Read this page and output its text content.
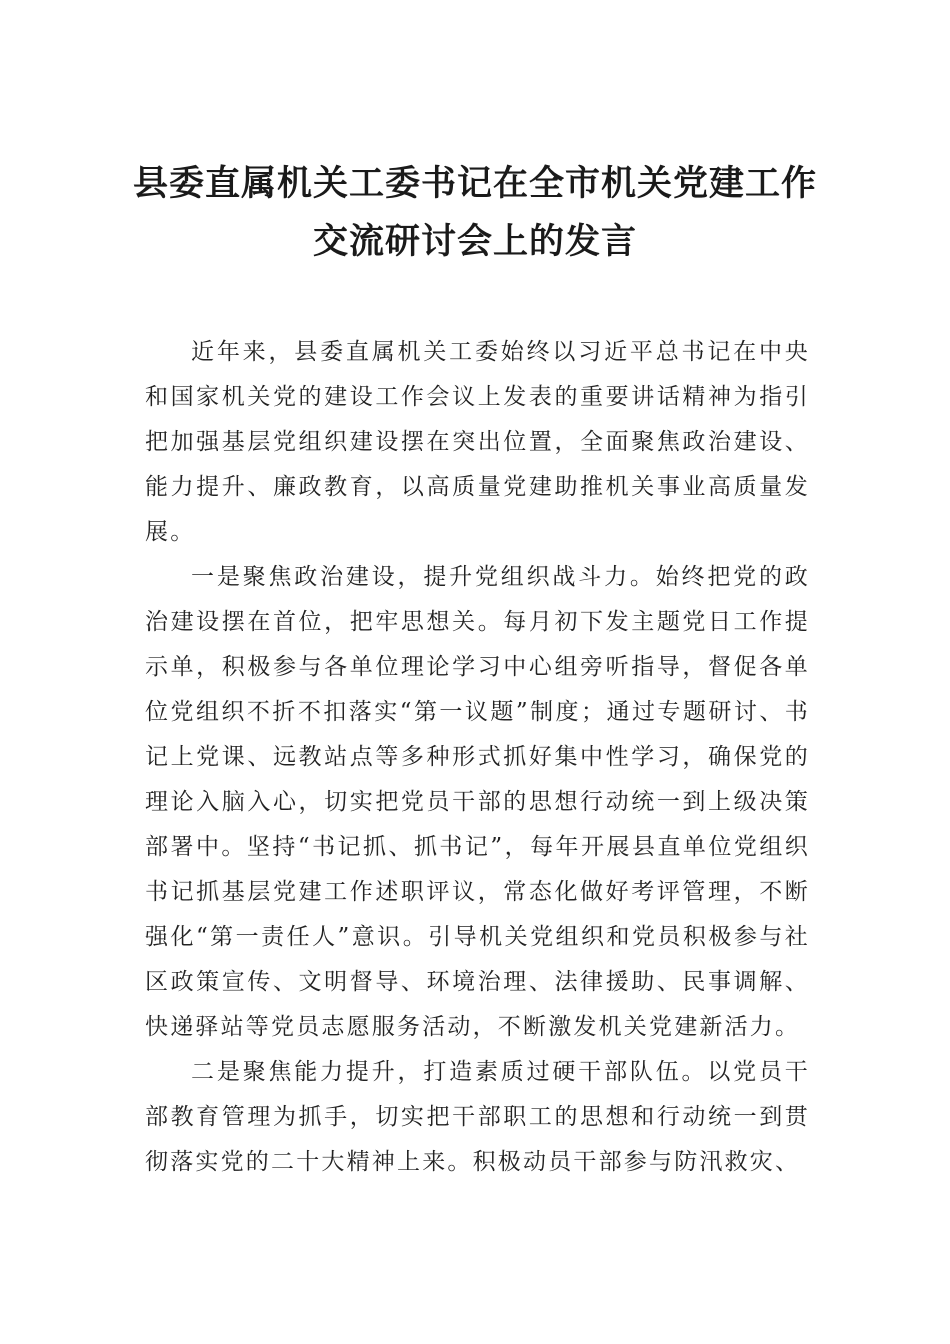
县委直属机关工委书记在全市机关党建工作交流研讨会上的发言

近年来，县委直属机关工委始终以习近平总书记在中央和国家机关党的建设工作会议上发表的重要讲话精神为指引把加强基层党组织建设摆在突出位置，全面聚焦政治建设、能力提升、廉政教育，以高质量党建助推机关事业高质量发展。

一是聚焦政治建设，提升党组织战斗力。始终把党的政治建设摆在首位，把牢思想关。每月初下发主题党日工作提示单，积极参与各单位理论学习中心组旁听指导，督促各单位党组织不折不扣落实“第一议题”制度；通过专题研讨、书记上党课、远教站点等多种形式抓好集中性学习，确保党的理论入脑入心，切实把党员干部的思想行动统一到上级决策部署中。坚持“书记抓、抓书记”，每年开展县直单位党组织书记抓基层党建工作述职评议，常态化做好考评管理，不断强化“第一责任人”意识。引导机关党组织和党员积极参与社区政策宣传、文明督导、环境治理、法律援助、民事调解、快递驿站等党员志愿服务活动，不断激发机关党建新活力。

二是聚焦能力提升，打造素质过硬干部队伍。以党员干部教育管理为抓手，切实把干部职工的思想和行动统一到贯彻落实党的二十大精神上来。积极动员干部参与防汛救灾、
